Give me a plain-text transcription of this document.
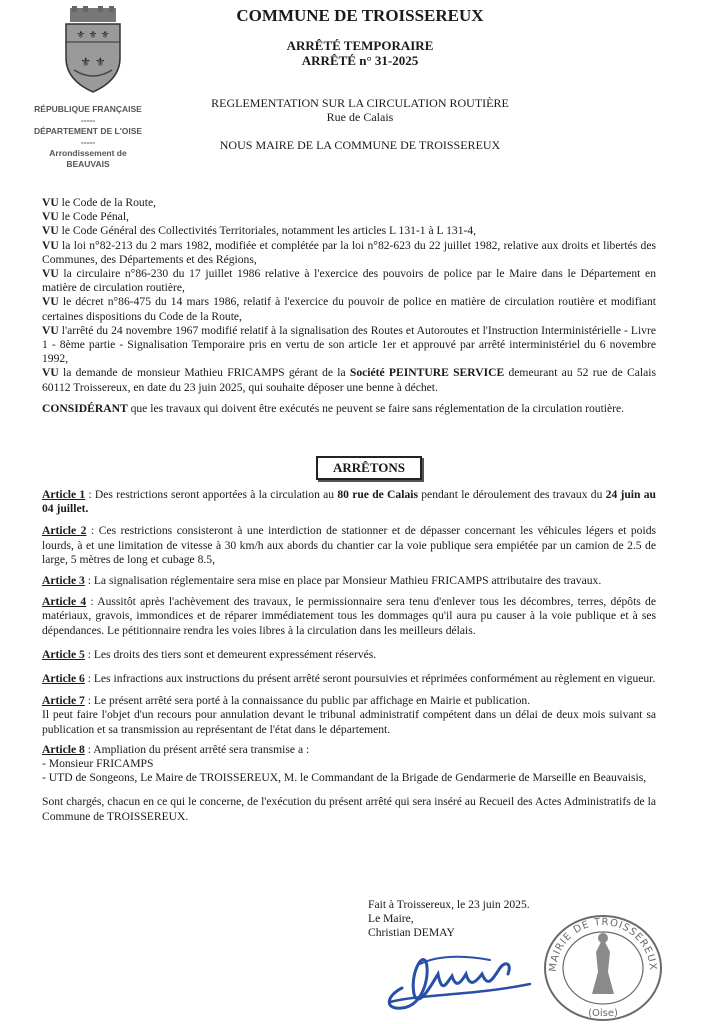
⚜ ⚜ ⚜
⚜ ⚜
COMMUNE DE TROISSEREUX
ARRÊTÉ TEMPORAIRE
ARRÊTÉ n° 31-2025
REGLEMENTATION SUR LA CIRCULATION ROUTIÈRE
Rue de Calais
NOUS MAIRE DE LA COMMUNE DE TROISSEREUX
RÉPUBLIQUE FRANÇAISE
-----
DÉPARTEMENT DE L'OISE
-----
Arrondissement de
BEAUVAIS

VU le Code de la Route,

VU le Code Pénal,

VU le Code Général des Collectivités Territoriales, notamment les articles L 131-1 à L 131-4,

VU la loi n°82-213 du 2 mars 1982, modifiée et complétée par la loi n°82-623 du 22 juillet 1982, relative aux droits et libertés des Communes, des Départements et des Régions,

VU la circulaire n°86-230 du 17 juillet 1986 relative à l'exercice des pouvoirs de police par le Maire dans le Département en matière de circulation routière,

VU le décret n°86-475 du 14 mars 1986, relatif à l'exercice du pouvoir de police en matière de circulation routière et modifiant certaines dispositions du Code de la Route,

VU l'arrêté du 24 novembre 1967 modifié relatif à la signalisation des Routes et Autoroutes et l'Instruction Interministérielle - Livre 1 - 8ème partie - Signalisation Temporaire pris en vertu de son article 1er et approuvé par arrêté interministériel du 6 novembre 1992,

VU la demande de monsieur Mathieu FRICAMPS gérant de la Société PEINTURE SERVICE demeurant au 52 rue de Calais 60112 Troissereux, en date du 23 juin 2025, qui souhaite déposer une benne à déchet.

CONSIDÉRANT que les travaux qui doivent être exécutés ne peuvent se faire sans réglementation de la circulation routière.

ARRÊTONS

Article 1 : Des restrictions seront apportées à la circulation au 80 rue de Calais pendant le déroulement des travaux du 24 juin au 04 juillet.

Article 2 : Ces restrictions consisteront à une interdiction de stationner et de dépasser concernant les véhicules légers et poids lourds, à et une limitation de vitesse à 30 km/h aux abords du chantier car la voie publique sera empiétée par un camion de 2.5 de large, 5 mètres de long et cubage 8.5,

Article 3 : La signalisation réglementaire sera mise en place par Monsieur Mathieu FRICAMPS attributaire des travaux.

Article 4 : Aussitôt après l'achèvement des travaux, le permissionnaire sera tenu d'enlever tous les décombres, terres, dépôts de matériaux, gravois, immondices et de réparer immédiatement tous les dommages qu'il aura pu causer à la voie publique et à ses dépendances. Le pétitionnaire rendra les voies libres à la circulation dans les meilleurs délais.

Article 5 : Les droits des tiers sont et demeurent expressément réservés.

Article 6 : Les infractions aux instructions du présent arrêté seront poursuivies et réprimées conformément au règlement en vigueur.

Article 7 : Le présent arrêté sera porté à la connaissance du public par affichage en Mairie et publication.

Il peut faire l'objet d'un recours pour annulation devant le tribunal administratif compétent dans un délai de deux mois suivant sa publication et sa transmission au représentant de l'état dans le département.

Article 8 : Ampliation du présent arrêté sera transmise a :

- Monsieur FRICAMPS

- UTD de Songeons, Le Maire de TROISSEREUX, M. le Commandant de la Brigade de Gendarmerie de Marseille en Beauvaisis,

Sont chargés, chacun en ce qui le concerne, de l'exécution du présent arrêté qui sera inséré au Recueil des Actes Administratifs de la Commune de TROISSEREUX.

Fait à Troissereux, le 23 juin 2025.
Le Maire,
Christian DEMAY
MAIRIE DE TROISSEREUX
(Oise)
